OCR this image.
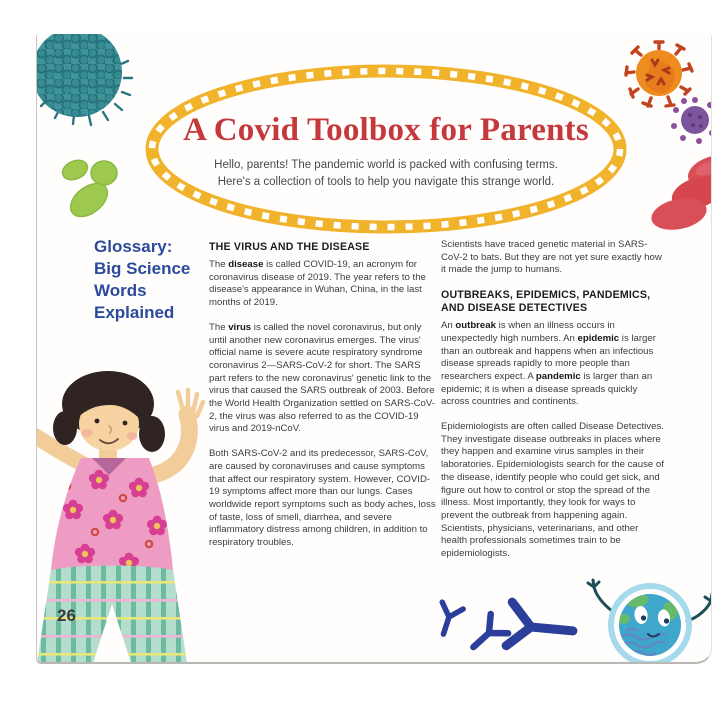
A Covid Toolbox for Parents
Hello, parents! The pandemic world is packed with confusing terms.
Here's a collection of tools to help you navigate this strange world.
Glossary:
Big Science
Words
Explained
THE VIRUS AND THE DISEASE

The disease is called COVID-19, an acronym for coronavirus disease of 2019. The year refers to the disease's appearance in Wuhan, China, in the last months of 2019.

The virus is called the novel coronavirus, but only until another new coronavirus emerges. The virus' official name is severe acute respiratory syndrome coronavirus 2—SARS-CoV-2 for short. The SARS part refers to the new coronavirus' genetic link to the virus that caused the SARS outbreak of 2003. Before the World Health Organization settled on SARS-CoV-2, the virus was also referred to as the COVID-19 virus and 2019-nCoV.

Both SARS-CoV-2 and its predecessor, SARS-CoV, are caused by coronaviruses and cause symptoms that affect our respiratory system. However, COVID-19 symptoms affect more than our lungs. Cases worldwide report symptoms such as body aches, loss of taste, loss of smell, diarrhea, and severe inflammatory distress among children, in addition to respiratory troubles.

Scientists have traced genetic material in SARS-CoV-2 to bats. But they are not yet sure exactly how it made the jump to humans.

OUTBREAKS, EPIDEMICS, PANDEMICS, AND DISEASE DETECTIVES

An outbreak is when an illness occurs in unexpectedly high numbers. An epidemic is larger than an outbreak and happens when an infectious disease spreads rapidly to more people than researchers expect. A pandemic is larger than an epidemic; it is when a disease spreads quickly across countries and continents.

Epidemiologists are often called Disease Detectives. They investigate disease outbreaks in places where they happen and examine virus samples in their laboratories. Epidemiologists search for the cause of the disease, identify people who could get sick, and figure out how to control or stop the spread of the illness. Most importantly, they look for ways to prevent the outbreak from happening again. Scientists, physicians, veterinarians, and other health professionals sometimes train to be epidemiologists.

26
